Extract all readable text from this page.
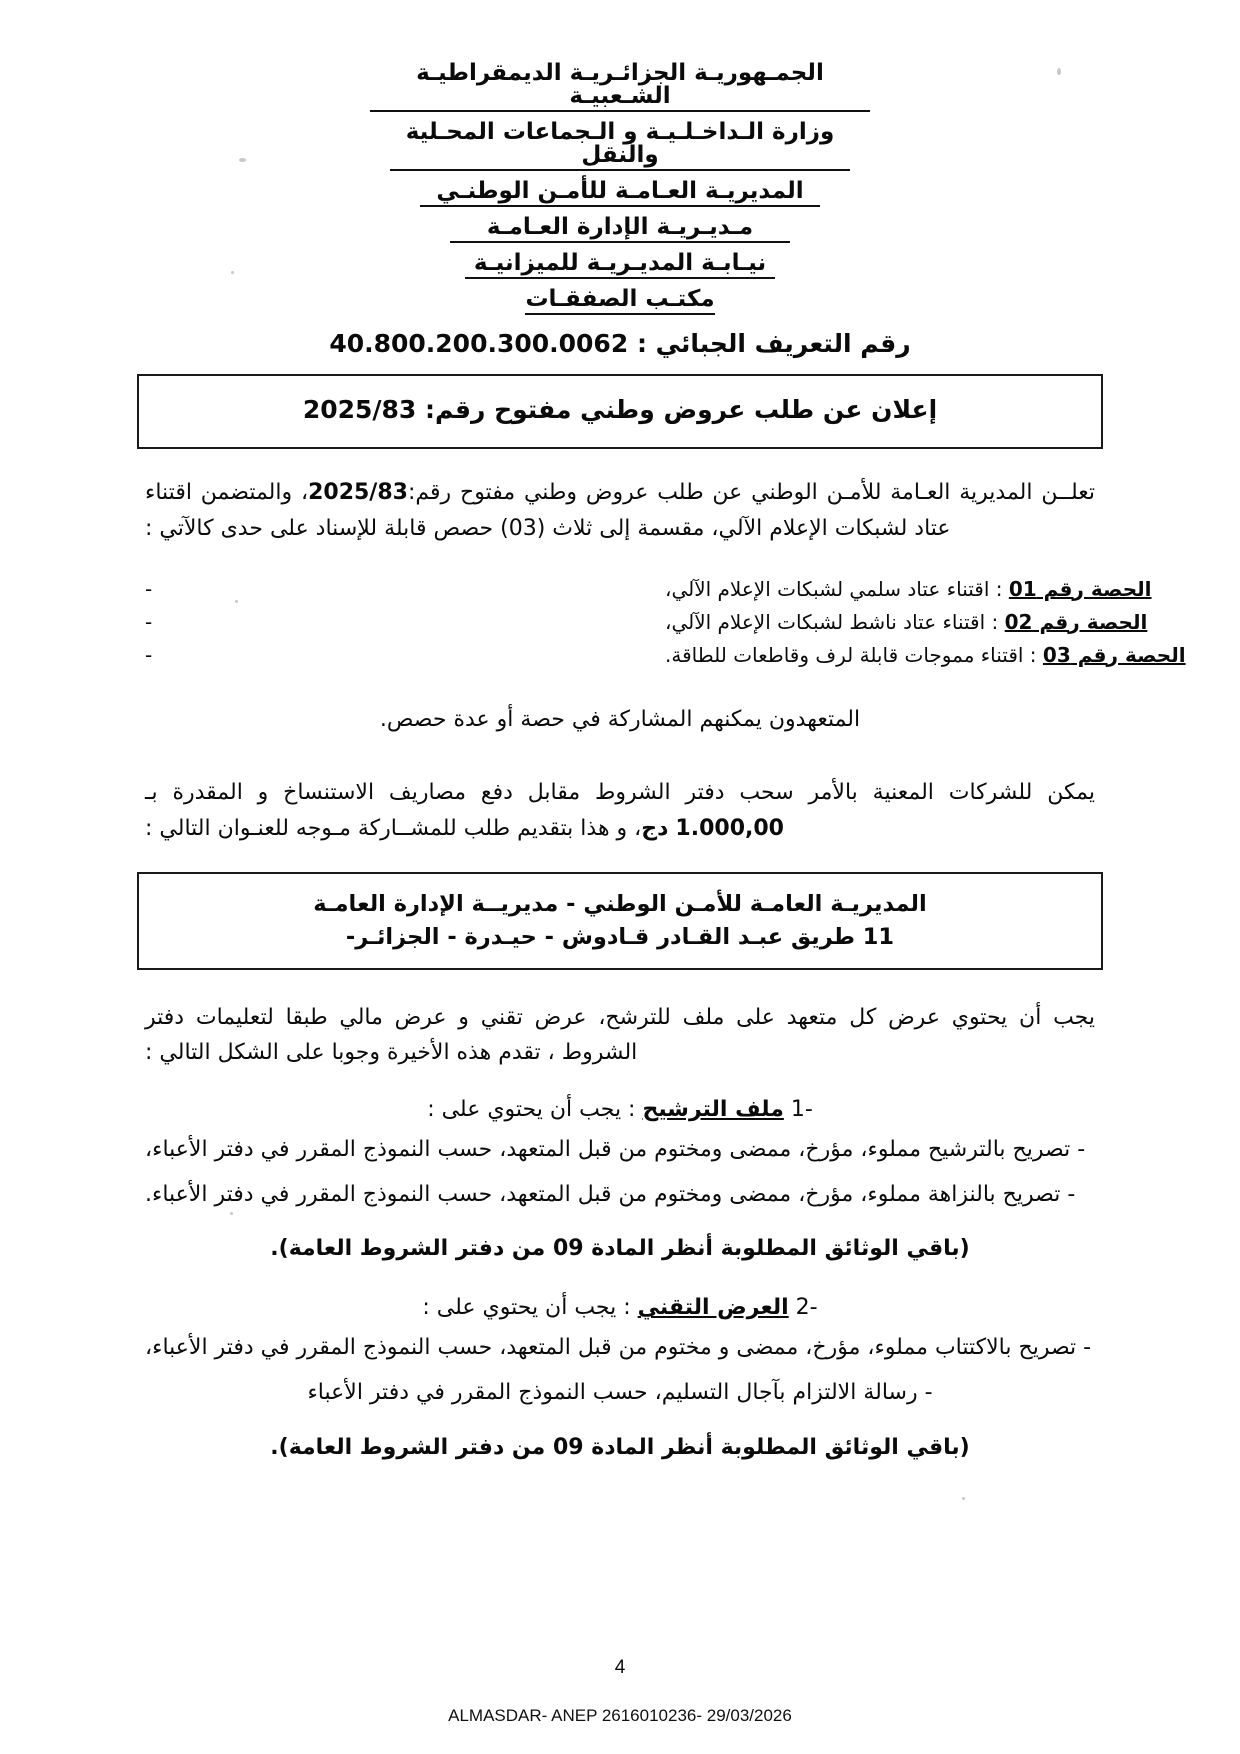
الجمـهوريـة الجزائـريـة الديمقراطيـة الشـعبيـة
وزارة الـداخـلـيـة و الـجماعات المحـلية والنقل
المديريـة العـامـة للأمـن الوطنـي
مـديـريـة الإدارة العـامـة
نيـابـة المديـريـة للميزانيـة
مكتـب الصفقـات
رقم التعريف الجبائي : 40.800.200.300.0062
إعلان عن طلب عروض وطني مفتوح رقم: 2025/83

تعلــن المديرية العـامة للأمـن الوطني عن طلب عروض وطني مفتوح رقم:2025/83، والمتضمن اقتناء عتاد لشبكات الإعلام الآلي، مقسمة إلى ثلاث (03) حصص قابلة للإسناد على حدى كالآتي :

-	الحصة رقم 01 : اقتناء عتاد سلمي لشبكات الإعلام الآلي،
-	الحصة رقم 02 : اقتناء عتاد ناشط لشبكات الإعلام الآلي،
-	الحصة رقم 03 : اقتناء مموجات قابلة لرف وقاطعات للطاقة.

المتعهدون يمكنهم المشاركة في حصة أو عدة حصص.

يمكن للشركات المعنية بالأمر سحب دفتر الشروط مقابل دفع مصاريف الاستنساخ و المقدرة بـ1.000,00 دج، و هذا بتقديم طلب للمشــاركة مـوجه للعنـوان التالي :

المديريـة العامـة للأمـن الوطني - مديريــة الإدارة العامـة
11 طريق عبـد القـادر قـادوش - حيـدرة - الجزائـر-

يجب أن يحتوي عرض كل متعهد على ملف للترشح، عرض تقني و عرض مالي طبقا لتعليمات دفتر الشروط ، تقدم هذه الأخيرة وجوبا على الشكل التالي :

1- ملف الترشيح : يجب أن يحتوي على :

- تصريح بالترشيح مملوء، مؤرخ، ممضى ومختوم من قبل المتعهد، حسب النموذج المقرر في دفتر الأعباء،

- تصريح بالنزاهة مملوء، مؤرخ، ممضى ومختوم من قبل المتعهد، حسب النموذج المقرر في دفتر الأعباء.

(باقي الوثائق المطلوبة أنظر المادة 09 من دفتر الشروط العامة).

2- العرض التقني : يجب أن يحتوي على :

- تصريح بالاكتتاب مملوء، مؤرخ، ممضى و مختوم من قبل المتعهد، حسب النموذج المقرر في دفتر الأعباء،

- رسالة الالتزام بآجال التسليم، حسب النموذج المقرر في دفتر الأعباء

(باقي الوثائق المطلوبة أنظر المادة 09 من دفتر الشروط العامة).

4
ALMASDAR- ANEP 2616010236- 29/03/2026
